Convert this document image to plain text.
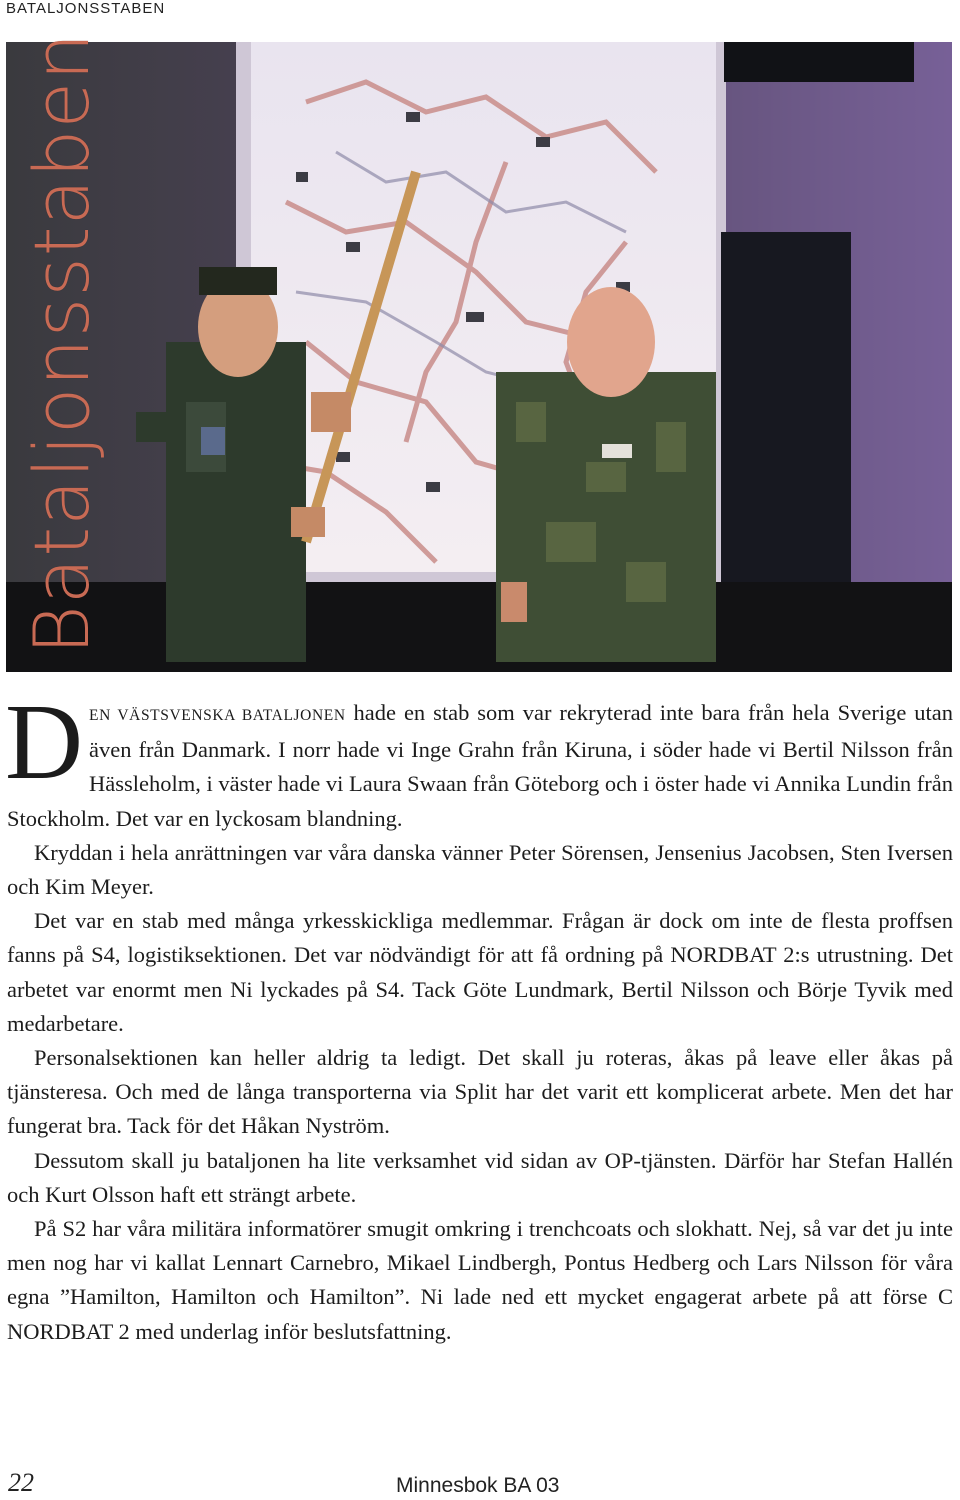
BATALJONSSTABEN
Bataljonsstaben

DEN VÄSTSVENSKA BATALJONEN hade en stab som var rekryterad inte bara från hela Sverige utan även från Danmark. I norr hade vi Inge Grahn från Kiruna, i söder hade vi Bertil Nilsson från Hässleholm, i väster hade vi Laura Swaan från Göteborg och i öster hade vi Annika Lundin från Stockholm. Det var en lyckosam blandning.

Kryddan i hela anrättningen var våra danska vänner Peter Sörensen, Jensenius Jacobsen, Sten Iversen och Kim Meyer.

Det var en stab med många yrkesskickliga medlemmar. Frågan är dock om inte de flesta proffsen fanns på S4, logistiksektionen. Det var nödvändigt för att få ordning på NORDBAT 2:s utrustning. Det arbetet var enormt men Ni lyckades på S4. Tack Göte Lundmark, Bertil Nilsson och Börje Tyvik med medarbetare.

Personalsektionen kan heller aldrig ta ledigt. Det skall ju roteras, åkas på leave eller åkas på tjänsteresa. Och med de långa transporterna via Split har det varit ett komplicerat arbete. Men det har fungerat bra. Tack för det Håkan Nyström.

Dessutom skall ju bataljonen ha lite verksamhet vid sidan av OP-tjänsten. Därför har Stefan Hallén och Kurt Olsson haft ett strängt arbete.

På S2 har våra militära informatörer smugit omkring i trenchcoats och slokhatt. Nej, så var det ju inte men nog har vi kallat Lennart Carnebro, Mikael Lindbergh, Pontus Hedberg och Lars Nilsson för våra egna ”Hamilton, Hamilton och Hamilton”. Ni lade ned ett mycket engagerat arbete på att förse C NORDBAT 2 med underlag inför beslutsfattning.

22	Minnesbok BA 03
